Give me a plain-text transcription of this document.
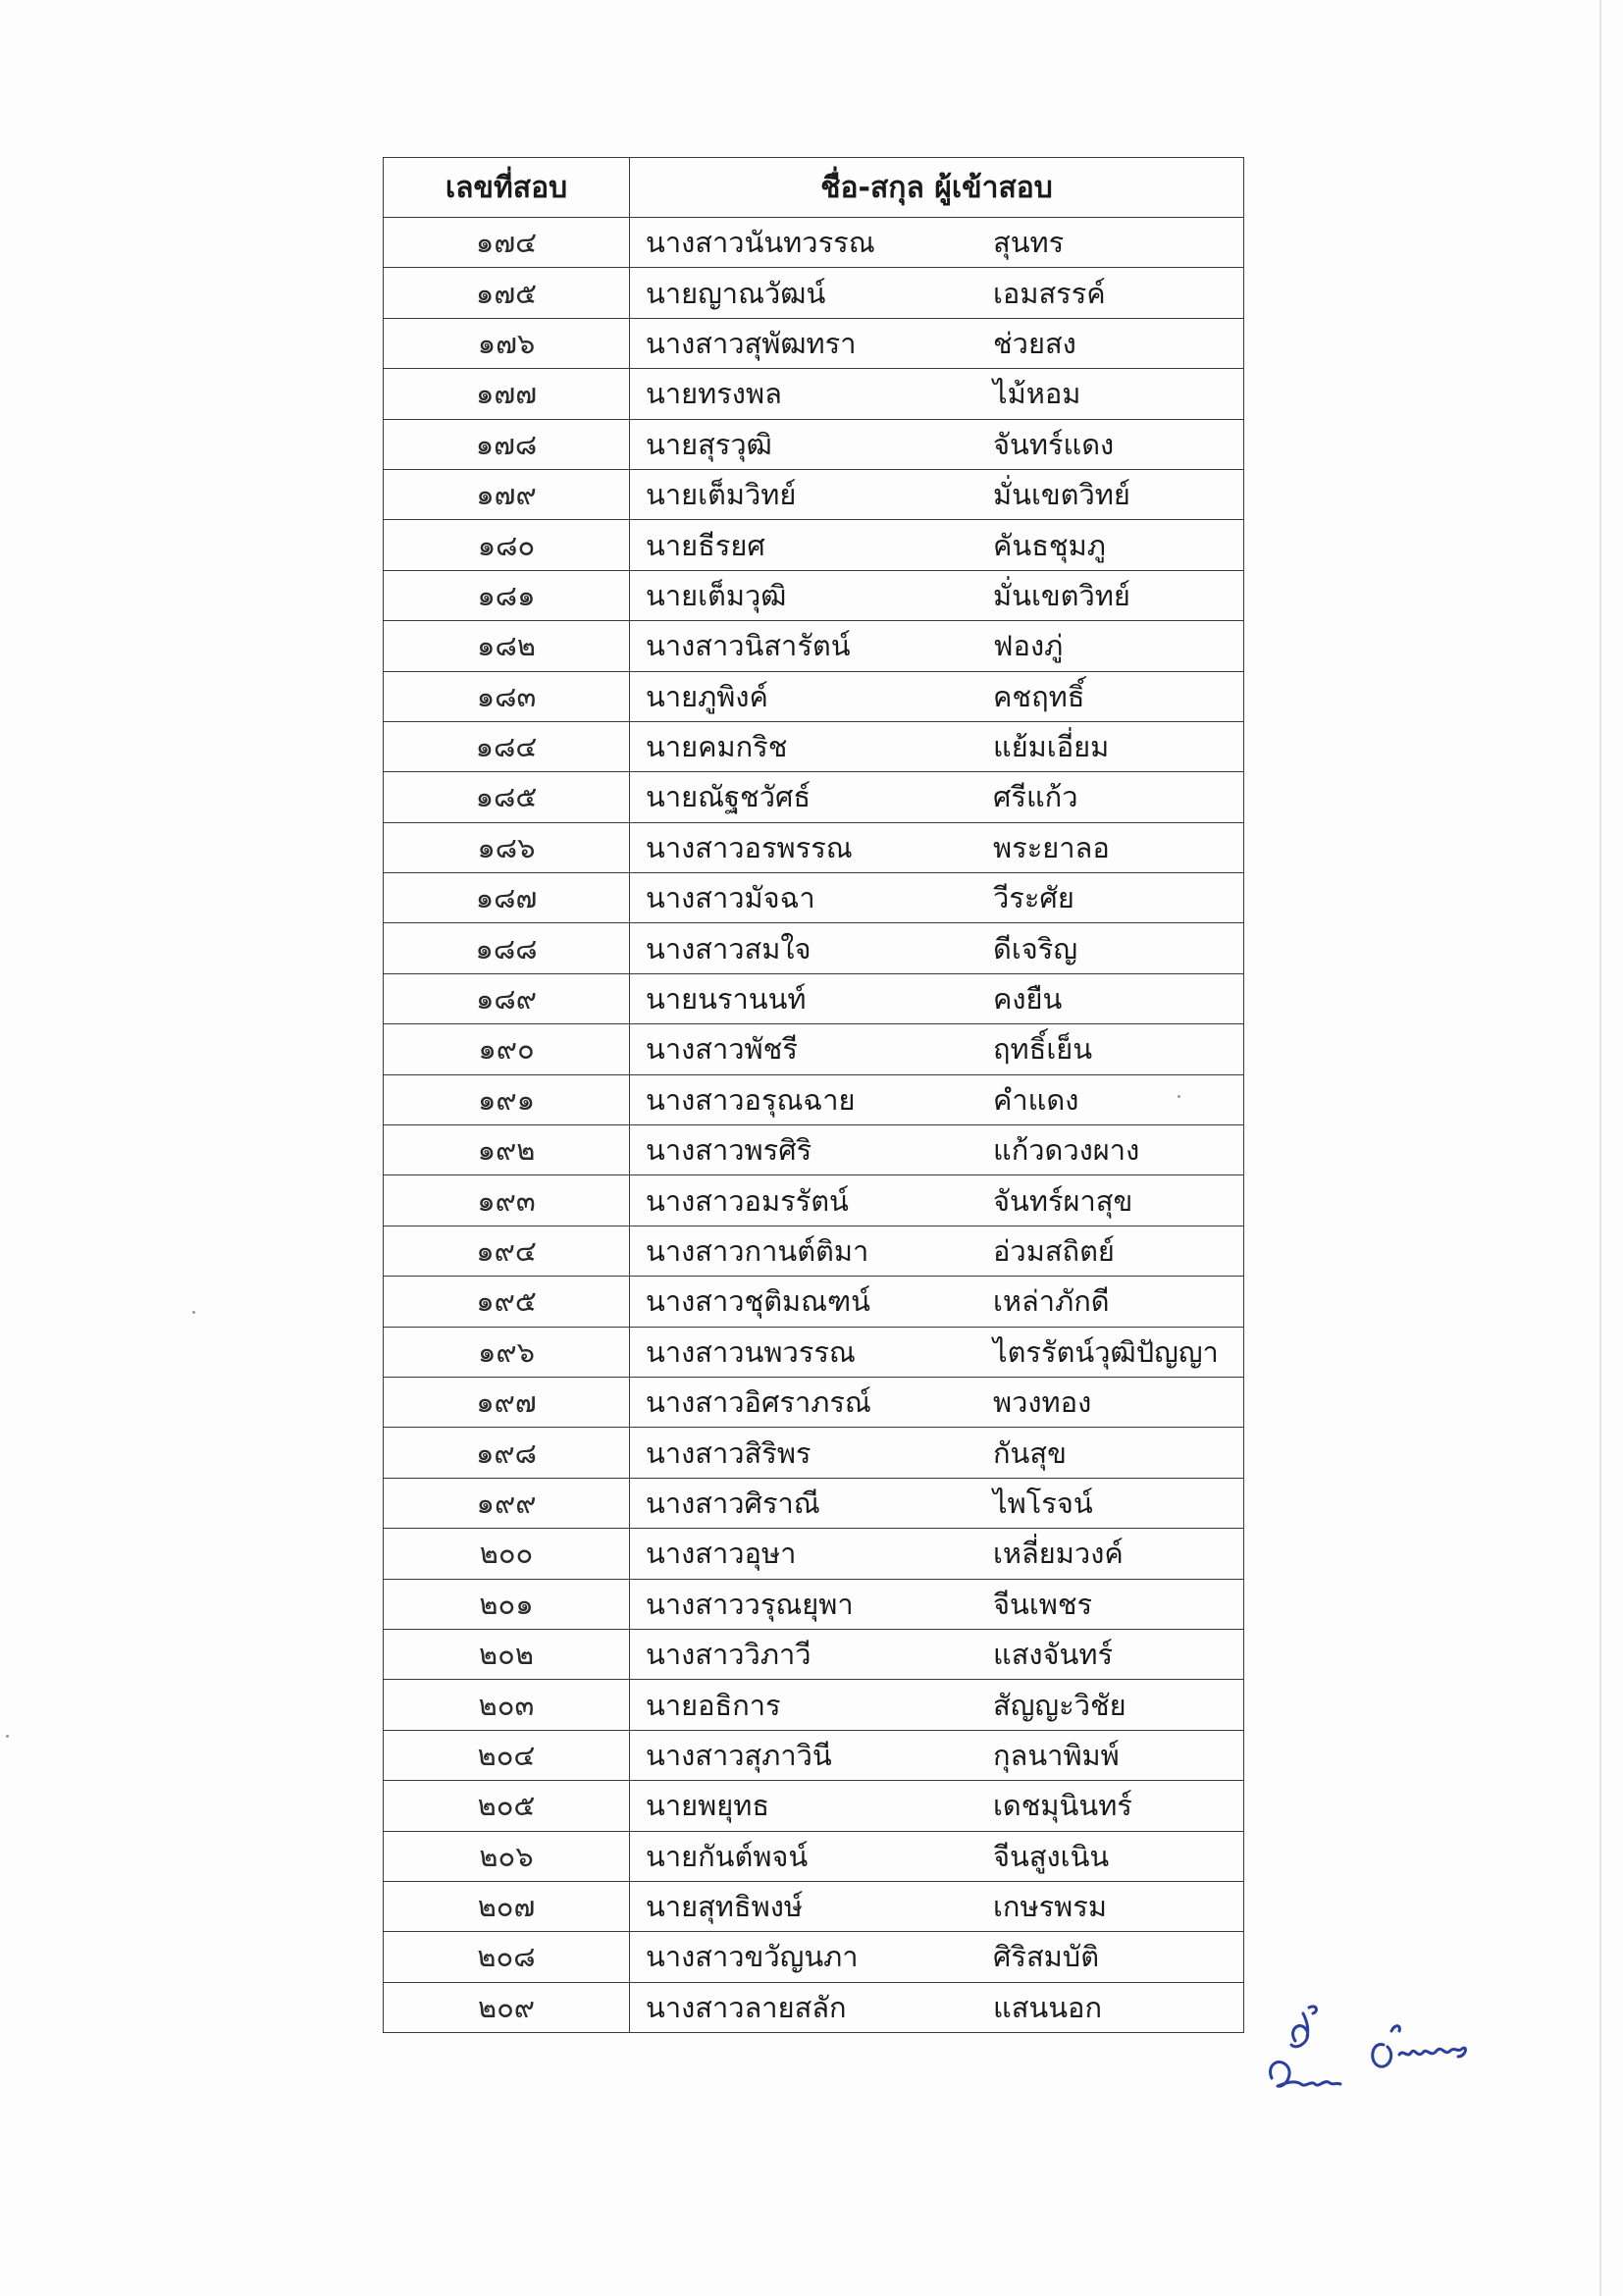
เลขที่สอบ	ชื่อ-สกุล ผู้เข้าสอบ
๑๗๔	นางสาวนันทวรรณ สุนทร

๑๗๕	นายญาณวัฒน์ เอมสรรค์

๑๗๖	นางสาวสุพัฒทรา ช่วยสง

๑๗๗	นายทรงพล ไม้หอม

๑๗๘	นายสุรวุฒิ จันทร์แดง

๑๗๙	นายเต็มวิทย์ มั่นเขตวิทย์

๑๘๐	นายธีรยศ คันธชุมภู

๑๘๑	นายเต็มวุฒิ มั่นเขตวิทย์

๑๘๒	นางสาวนิสารัตน์ ฟองภู่

๑๘๓	นายภูพิงค์ คชฤทธิ์

๑๘๔	นายคมกริช แย้มเอี่ยม

๑๘๕	นายณัฐชวัศธ์ ศรีแก้ว

๑๘๖	นางสาวอรพรรณ พระยาลอ

๑๘๗	นางสาวมัจฉา วีระศัย

๑๘๘	นางสาวสมใจ ดีเจริญ

๑๘๙	นายนรานนท์ คงยืน

๑๙๐	นางสาวพัชรี ฤทธิ์เย็น

๑๙๑	นางสาวอรุณฉาย คำแดง

๑๙๒	นางสาวพรศิริ แก้วดวงผาง

๑๙๓	นางสาวอมรรัตน์ จันทร์ผาสุข

๑๙๔	นางสาวกานต์ติมา อ่วมสถิตย์

๑๙๕	นางสาวชุติมณฑน์ เหล่าภักดี

๑๙๖	นางสาวนพวรรณ ไตรรัตน์วุฒิปัญญา

๑๙๗	นางสาวอิศราภรณ์ พวงทอง

๑๙๘	นางสาวสิริพร กันสุข

๑๙๙	นางสาวศิราณี ไพโรจน์

๒๐๐	นางสาวอุษา เหลี่ยมวงค์

๒๐๑	นางสาววรุณยุพา จีนเพชร

๒๐๒	นางสาววิภาวี แสงจันทร์

๒๐๓	นายอธิการ สัญญะวิชัย

๒๐๔	นางสาวสุภาวินี กุลนาพิมพ์

๒๐๕	นายพยุทธ เดชมุนินทร์

๒๐๖	นายกันต์พจน์ จีนสูงเนิน

๒๐๗	นายสุทธิพงษ์ เกษรพรม

๒๐๘	นางสาวขวัญนภา ศิริสมบัติ

๒๐๙	นางสาวลายสลัก แสนนอก
